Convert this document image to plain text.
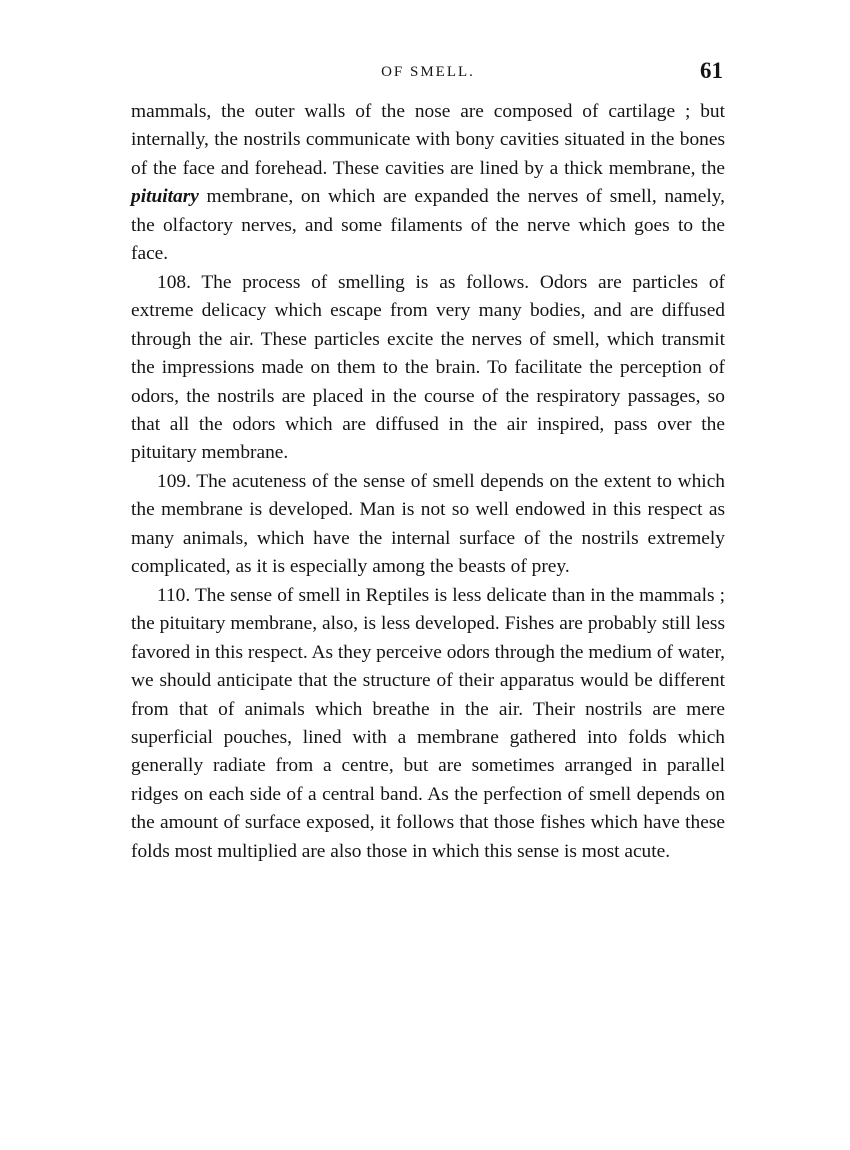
OF SMELL.	61

mammals, the outer walls of the nose are composed of cartilage ; but internally, the nostrils communicate with bony cavities situated in the bones of the face and forehead. These cavities are lined by a thick membrane, the pituitary membrane, on which are expanded the nerves of smell, namely, the olfactory nerves, and some filaments of the nerve which goes to the face.

108. The process of smelling is as follows. Odors are particles of extreme delicacy which escape from very many bodies, and are diffused through the air. These particles excite the nerves of smell, which transmit the impressions made on them to the brain. To facilitate the perception of odors, the nostrils are placed in the course of the respiratory passages, so that all the odors which are diffused in the air inspired, pass over the pituitary membrane.

109. The acuteness of the sense of smell depends on the extent to which the membrane is developed. Man is not so well endowed in this respect as many animals, which have the internal surface of the nostrils extremely complicated, as it is especially among the beasts of prey.

110. The sense of smell in Reptiles is less delicate than in the mammals ; the pituitary membrane, also, is less developed. Fishes are probably still less favored in this respect. As they perceive odors through the medium of water, we should anticipate that the structure of their apparatus would be different from that of animals which breathe in the air. Their nostrils are mere superficial pouches, lined with a membrane gathered into folds which generally radiate from a centre, but are sometimes arranged in parallel ridges on each side of a central band. As the perfection of smell depends on the amount of surface exposed, it follows that those fishes which have these folds most multiplied are also those in which this sense is most acute.
